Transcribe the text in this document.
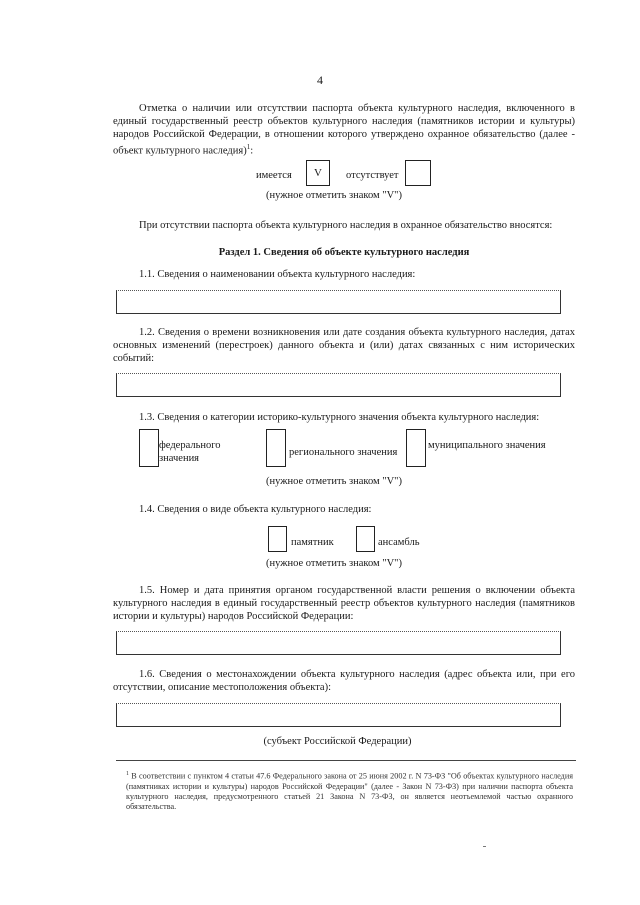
4
Отметка о наличии или отсутствии паспорта объекта культурного наследия, включенного в единый государственный реестр объектов культурного наследия (памятников истории и культуры) народов Российской Федерации, в отношении которого утверждено охранное обязательство (далее - объект культурного наследия)$^1$:
имеется V отсутствует
(нужное отметить знаком "V")
При отсутствии паспорта объекта культурного наследия в охранное обязательство вносятся:
Раздел 1. Сведения об объекте культурного наследия
1.1. Сведения о наименовании объекта культурного наследия:
1.2. Сведения о времени возникновения или дате создания объекта культурного наследия, датах основных изменений (перестроек) данного объекта и (или) датах связанных с ним исторических событий:
1.3. Сведения о категории историко-культурного значения объекта культурного наследия:
федерального значения
регионального значения
муниципального значения
(нужное отметить знаком "V")
1.4. Сведения о виде объекта культурного наследия:
памятник	ансамбль
(нужное отметить знаком "V")
1.5. Номер и дата принятия органом государственной власти решения о включении объекта культурного наследия в единый государственный реестр объектов культурного наследия (памятников истории и культуры) народов Российской Федерации:
1.6. Сведения о местонахождении объекта культурного наследия (адрес объекта или, при его отсутствии, описание местоположения объекта):
(субъект Российской Федерации)
$^1$ В соответствии с пунктом 4 статьи 47.6 Федерального закона от 25 июня 2002 г. N 73-ФЗ "Об объектах культурного наследия (памятниках истории и культуры) народов Российской Федерации" (далее - Закон N 73-ФЗ) при наличии паспорта объекта культурного наследия, предусмотренного статьей 21 Закона N 73-ФЗ, он является неотъемлемой частью охранного обязательства.
